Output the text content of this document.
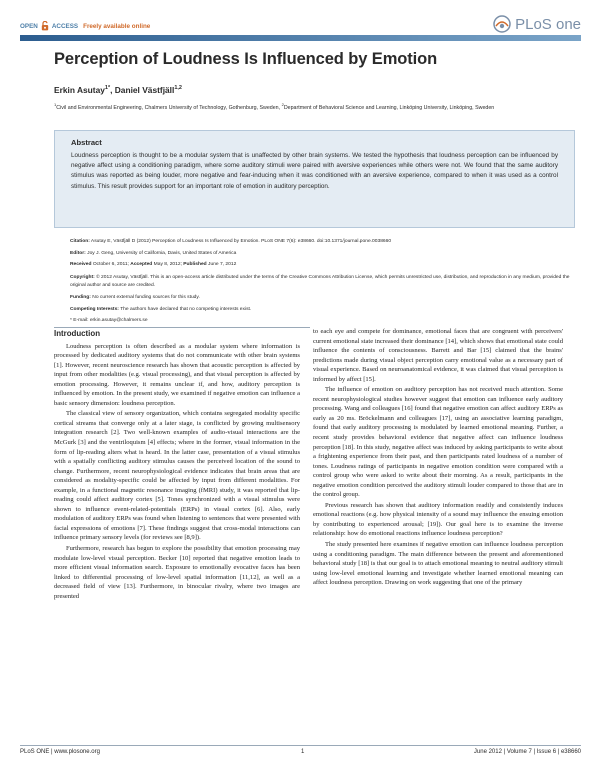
OPEN ACCESS Freely available online	PLoS one
Perception of Loudness Is Influenced by Emotion
Erkin Asutay$^{1*}$, Daniel Västfjäll$^{1,2}$
$^1$Civil and Environmental Engineering, Chalmers University of Technology, Gothenburg, Sweden, $^2$Department of Behavioral Science and Learning, Linköping University, Linköping, Sweden
Abstract

Loudness perception is thought to be a modular system that is unaffected by other brain systems. We tested the hypothesis that loudness perception can be influenced by negative affect using a conditioning paradigm, where some auditory stimuli were paired with aversive experiences while others were not. We found that the same auditory stimulus was reported as being louder, more negative and fear-inducing when it was conditioned with an aversive experience, compared to when it was used as a control stimulus. This result provides support for an important role of emotion in auditory perception.

Citation: Asutay E, Västfjäll D (2012) Perception of Loudness Is Influenced by Emotion. PLoS ONE 7(6): e38660. doi:10.1371/journal.pone.0038660
Editor: Joy J. Geng, University of California, Davis, United States of America
Received October 6, 2011; Accepted May 8, 2012; Published June 7, 2012
Copyright: © 2012 Asutay, Västfjäll. This is an open-access article distributed under the terms of the Creative Commons Attribution License, which permits unrestricted use, distribution, and reproduction in any medium, provided the original author and source are credited.
Funding: No current external funding sources for this study.
Competing Interests: The authors have declared that no competing interests exist.
* E-mail: erkin.asutay@chalmers.se
Introduction

Loudness perception is often described as a modular system where information is processed by dedicated auditory systems that do not communicate with other brain systems [1]. However, recent neuroscience research has shown that acoustic perception is affected by input from other modalities (e.g. visual processing), and that visual perception is affected by emotion processing. However, it remains unclear if, and how, auditory perception is influenced by emotion. In the present study, we examined if negative emotion can influence a basic sensory dimension: loudness perception.

The classical view of sensory organization, which contains segregated modality specific cortical streams that converge only at a later stage, is conflicted by growing multisensory integration research [2]. Two well-known examples of audio-visual interactions are the McGurk [3] and the ventriloquism [4] effects; where in the former, visual information in the form of lip-reading alters what is heard. In the latter case, presentation of a visual stimulus with a spatially conflicting auditory stimulus causes the perceived location of the sound to change. Furthermore, recent neurophysiological evidence indicates that brain areas that are considered as modality-specific could be affected by input from different modalities. For example, in a functional magnetic resonance imaging (fMRI) study, it was reported that lip-reading could affect auditory cortex [5]. Tones synchronized with a visual stimulus were shown to influence event-related-potentials (ERPs) in visual cortex [6]. Also, early modulation of auditory ERPs was found when listening to sentences that were presented with facial expressions of emotions [7]. These findings suggest that cross-modal interactions can influence primary sensory levels (for reviews see [8,9]).

Furthermore, research has begun to explore the possibility that emotion processing may modulate low-level visual perception. Becker [10] reported that negative emotion leads to more efficient visual information search. Exposure to emotionally evocative faces has been linked to differential processing of low-level spatial information [11,12], as well as a decreased field of view [13]. Furthermore, in binocular rivalry, where two images are presented

to each eye and compete for dominance, emotional faces that are congruent with perceivers' current emotional state increased their dominance [14], which shows that emotional state could influence the contents of consciousness. Barrett and Bar [15] claimed that the brains' predictions made during visual object perception carry emotional value as a necessary part of visual experience. Based on neuroanatomical evidence, it was claimed that visual perception is informed by affect [15].

The influence of emotion on auditory perception has not received much attention. Some recent neurophysiological studies however suggest that emotion can influence early auditory processing. Wang and colleagues [16] found that negative emotion can affect auditory ERPs as early as 20 ms. Bröckelmann and colleagues [17], using an associative learning paradigm, found that early auditory processing is modulated by learned emotional meaning. Further, a recent study provides behavioral evidence that negative affect can influence loudness perception [18]. In this study, negative affect was induced by asking participants to write about a frightening experience from their past, and then participants rated loudness of a number of tones. Loudness ratings of participants in negative emotion condition were compared with a control group who were asked to write about their morning. As a result, participants in the negative emotion condition perceived the auditory stimuli louder compared to those that are in the control group.

Previous research has shown that auditory information readily and consistently induces emotional reactions (e.g. how physical intensity of a sound may influence the ensuing emotion by contributing to experienced arousal; [19]). Our goal here is to examine the inverse relationship: how do emotional reactions influence loudness perception?

The study presented here examines if negative emotion can influence loudness perception using a conditioning paradigm. The main difference between the present and aforementioned behavioral study [18] is that our goal is to attach emotional meaning to neutral auditory stimuli using low-level emotional learning and investigate whether learned emotional meaning can affect loudness perception. Drawing on work suggesting that one of the primary

PLoS ONE | www.plosone.org	1	June 2012 | Volume 7 | Issue 6 | e38660
